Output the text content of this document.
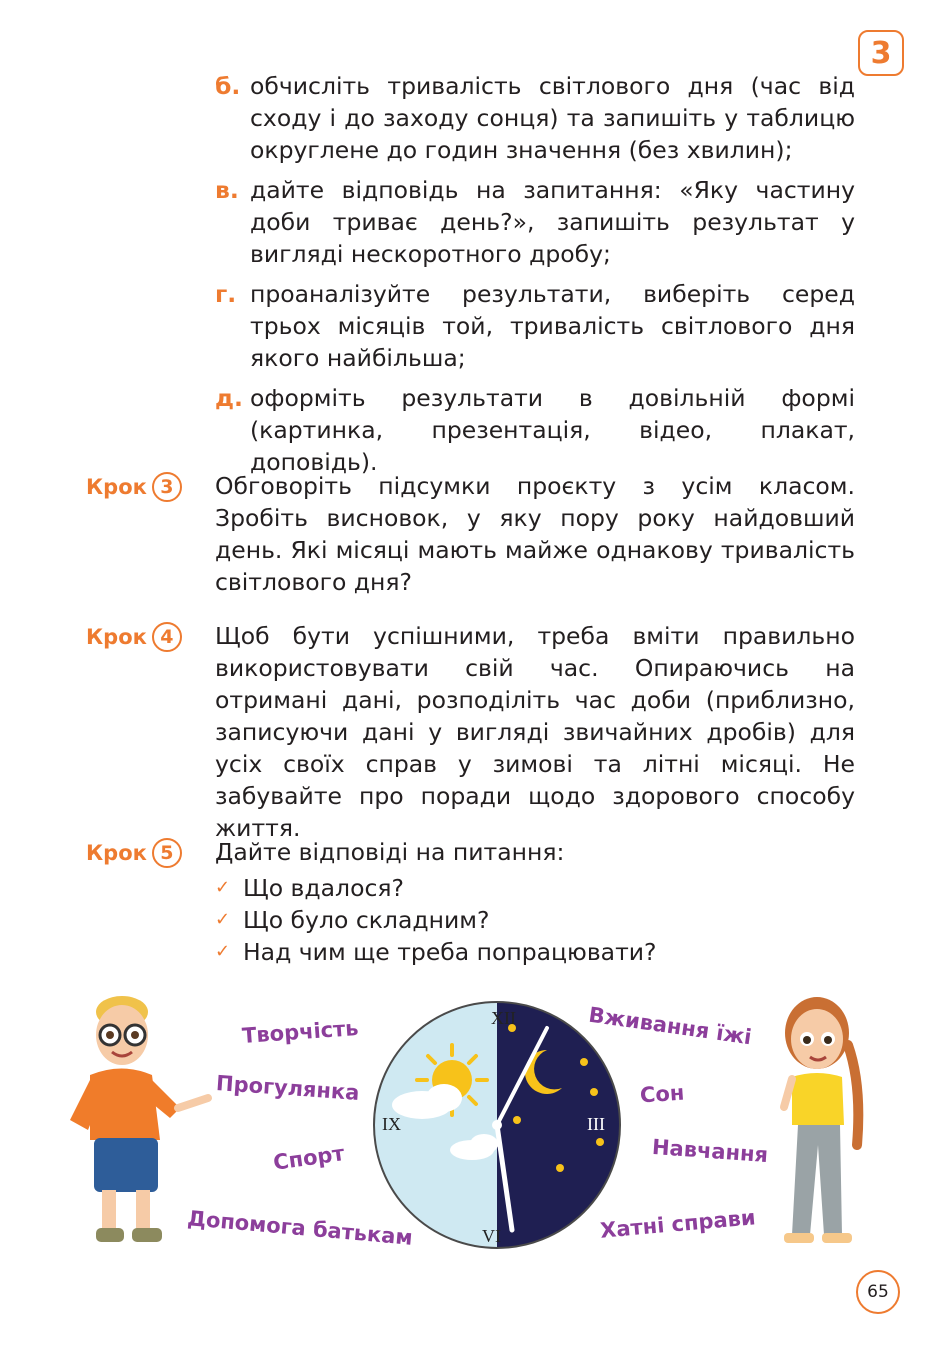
3
б. обчисліть тривалість світлового дня (час від сходу і до заходу сонця) та запишіть у таблицю округлене до годин значення (без хвилин);
в. дайте відповідь на запитання: «Яку частину доби триває день?», запишіть результат у вигляді нескоротного дробу;
г. проаналізуйте результати, виберіть серед трьох місяців той, тривалість світлового дня якого найбільша;
д. оформіть результати в довільній формі (картинка, презентація, відео, плакат, доповідь).
Крок 3	Обговоріть підсумки проєкту з усім класом. Зробіть висновок, у яку пору року найдовший день. Які місяці мають майже однакову тривалість світлового дня?
Крок 4	Щоб бути успішними, треба вміти правильно використовувати свій час. Опираючись на отримані дані, розподіліть час доби (приблизно, записуючи дані у вигляді звичайних дробів) для усіх своїх справ у зимові та літні місяці. Не забувайте про поради щодо здорового способу життя.
Крок 5	Дайте відповіді на питання:
✓ Що вдалося?
✓ Що було складним?
✓ Над чим ще треба попрацювати?
XII
VI
III
IX
Творчість
Прогулянка
Спорт
Допомога батькам
Вживання їжі
Сон
Навчання
Хатні справи
65
